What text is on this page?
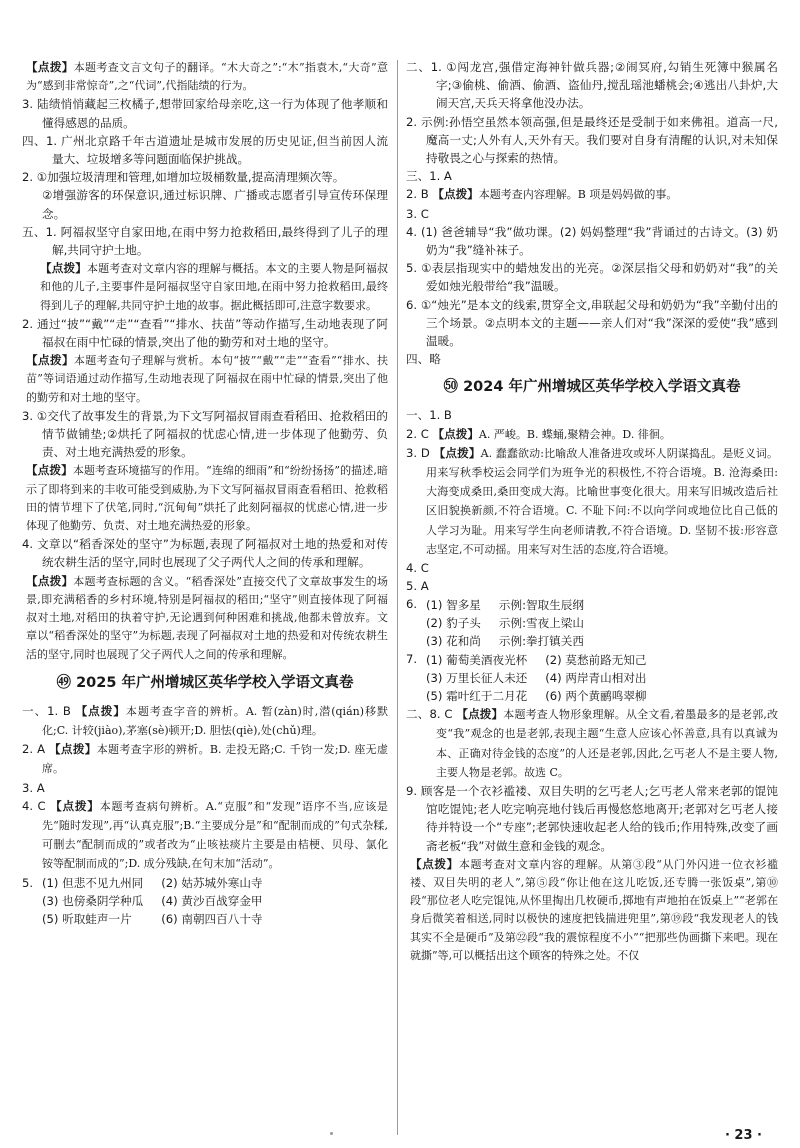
【点拨】本题考查文言文句子的翻译。“木大奇之”:“木”指袁木,“大奇”意为“感到非常惊奇”,之“代词”,代指陆绩的行为。

3. 陆绩悄悄藏起三枚橘子,想带回家给母亲吃,这一行为体现了他孝顺和懂得感恩的品质。

四、1. 广州北京路千年古道遗址是城市发展的历史见证,但当前因人流量大、垃圾增多等问题面临保护挑战。

2. ①加强垃圾清理和管理,如增加垃圾桶数量,提高清理频次等。

②增强游客的环保意识,通过标识牌、广播或志愿者引导宣传环保理念。

五、1. 阿福叔坚守自家田地,在雨中努力抢救稻田,最终得到了儿子的理解,共同守护土地。

【点拨】本题考查对文章内容的理解与概括。本文的主要人物是阿福叔和他的儿子,主要事件是阿福叔坚守自家田地,在雨中努力抢救稻田,最终得到儿子的理解,共同守护土地的故事。据此概括即可,注意字数要求。

2. 通过“披”“戴”“走”“查看”“排水、扶苗”等动作描写,生动地表现了阿福叔在雨中忙碌的情景,突出了他的勤劳和对土地的坚守。

【点拨】本题考查句子理解与赏析。本句“披”“戴”“走”“查看”“排水、扶苗”等词语通过动作描写,生动地表现了阿福叔在雨中忙碌的情景,突出了他的勤劳和对土地的坚守。

3. ①交代了故事发生的背景,为下文写阿福叔冒雨查看稻田、抢救稻田的情节做铺垫;②烘托了阿福叔的忧虑心情,进一步体现了他勤劳、负责、对土地充满热爱的形象。

【点拨】本题考查环境描写的作用。“连绵的细雨”和“纷纷扬扬”的描述,暗示了即将到来的丰收可能受到威胁,为下文写阿福叔冒雨查看稻田、抢救稻田的情节埋下了伏笔,同时,“沉甸甸”烘托了此刻阿福叔的忧虑心情,进一步体现了他勤劳、负责、对土地充满热爱的形象。

4. 文章以“稻香深处的坚守”为标题,表现了阿福叔对土地的热爱和对传统农耕生活的坚守,同时也展现了父子两代人之间的传承和理解。

【点拨】本题考查标题的含义。“稻香深处”直接交代了文章故事发生的场景,即充满稻香的乡村环境,特别是阿福叔的稻田;“坚守”则直接体现了阿福叔对土地,对稻田的执着守护,无论遇到何种困难和挑战,他都未曾放弃。文章以“稻香深处的坚守”为标题,表现了阿福叔对土地的热爱和对传统农耕生活的坚守,同时也展现了父子两代人之间的传承和理解。

㊾ 2025 年广州增城区英华学校入学语文真卷

一、1. B 【点拨】本题考查字音的辨析。A. 暂(zàn)时,潜(qián)移默化;C. 计较(jiào),茅塞(sè)顿开;D. 胆怯(qiè),处(chǔ)理。

2. A 【点拨】本题考查字形的辨析。B. 走投无路;C. 千钧一发;D. 座无虚席。

3. A

4. C 【点拨】本题考查病句辨析。A.“克服”和“发现”语序不当,应该是先“随时发现”,再“认真克服”;B.“主要成分是”和“配制而成的”句式杂糅,可删去“配制而成的”或者改为“止咳袪痰片主要是由桔梗、贝母、氯化铵等配制而成的”;D. 成分残缺,在句末加“活动”。

5. (1) 但悲不见九州同	(2) 姑苏城外寒山寺
(3) 也傍桑阴学种瓜	(4) 黄沙百战穿金甲
(5) 听取蛙声一片	(6) 南朝四百八十寺

二、1. ①闯龙宫,强借定海神针做兵器;②闹冥府,勾销生死簿中猴属名字;③偷桃、偷酒、偷酒、盗仙丹,搅乱瑶池蟠桃会;④逃出八卦炉,大闹天宫,天兵天将拿他没办法。

2. 示例:孙悟空虽然本领高强,但是最终还是受制于如来佛祖。道高一尺,魔高一丈;人外有人,天外有天。我们要对自身有清醒的认识,对未知保持敬畏之心与探索的热情。

三、1. A

2. B 【点拨】本题考查内容理解。B 项是妈妈做的事。

3. C

4. (1) 爸爸辅导“我”做功课。(2) 妈妈整理“我”背诵过的古诗文。(3) 奶奶为“我”缝补袜子。

5. ①表层指现实中的蜡烛发出的光亮。②深层指父母和奶奶对“我”的关爱如烛光般带给“我”温暖。

6. ①“烛光”是本文的线索,贯穿全文,串联起父母和奶奶为“我”辛勤付出的三个场景。②点明本文的主题——亲人们对“我”深深的爱使“我”感到温暖。

四、略

㊿ 2024 年广州增城区英华学校入学语文真卷

一、1. B

2. C 【点拨】A. 严峻。B. 蝶蛹,聚精会神。D. 徘徊。

3. D 【点拨】A. 蠢蠢欲动:比喻敌人准备进攻或坏人阴谋捣乱。是贬义词。用来写秋季校运会同学们为班争光的积极性,不符合语境。B. 沧海桑田:大海变成桑田,桑田变成大海。比喻世事变化很大。用来写旧城改造后社区旧貌换新颜,不符合语境。C. 不耻下问:不以向学问或地位比自己低的人学习为耻。用来写学生向老师请教,不符合语境。D. 坚韧不拔:形容意志坚定,不可动摇。用来写对生活的态度,符合语境。

4. C

5. A

6. (1) 智多星	示例:智取生辰纲
(2) 豹子头	示例:雪夜上梁山
(3) 花和尚	示例:拳打镇关西

7. (1) 葡萄美酒夜光杯	(2) 莫愁前路无知己
(3) 万里长征人未还	(4) 两岸青山相对出
(5) 霜叶红于二月花	(6) 两个黄鹂鸣翠柳

二、8. C 【点拨】本题考查人物形象理解。从全文看,着墨最多的是老郭,改变“我”观念的也是老郭,表现主题“生意人应该心怀善意,具有以真诚为本、正确对待金钱的态度”的人还是老郭,因此,乞丐老人不是主要人物,主要人物是老郭。故选 C。

9. 顾客是一个衣衫褴褛、双目失明的乞丐老人;乞丐老人常来老郭的馄饨馆吃馄饨;老人吃完响亮地付钱后再慢悠悠地离开;老郭对乞丐老人接待并特设一个“专座”;老郭快速收起老人给的钱币;作用特殊,改变了画斋老板“我”对做生意和金钱的观念。

【点拨】本题考查对文章内容的理解。从第③段“从门外闪进一位衣衫褴褛、双目失明的老人”,第⑤段“你让他在这儿吃饭,还专腾一张饭桌”,第⑩段“那位老人吃完馄饨,从怀里掏出几枚硬币,掷地有声地拍在饭桌上”“老郭在身后微笑着相送,同时以极快的速度把钱揣进兜里”,第⑲段“我发现老人的钱其实不全是硬币”及第㉒段“我的震惊程度不小”“把那些伪画撕下来吧。现在就撕”等,可以概括出这个顾客的特殊之处。不仅

· 23 ·
